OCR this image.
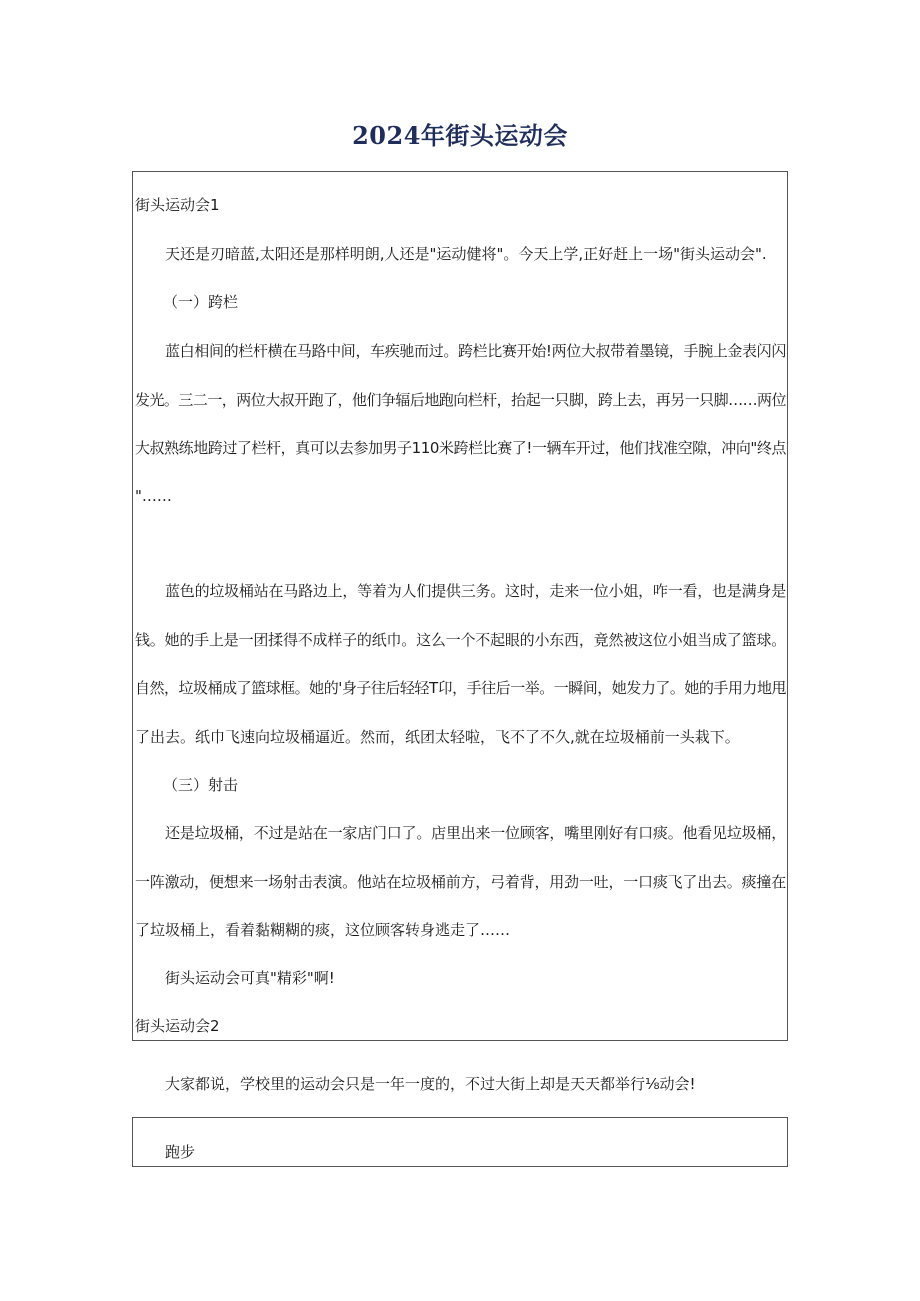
2024年街头运动会
街头运动会1
天还是刃暗蓝,太阳还是那样明朗,人还是"运动健将"。今天上学,正好赶上一场"街头运动会".
（一）跨栏
蓝白相间的栏杆横在马路中间，车疾驰而过。跨栏比赛开始!两位大叔带着墨镜，手腕上金表闪闪
发光。三二一，两位大叔开跑了，他们争辐后地跑向栏杆，抬起一只脚，跨上去，再另一只脚……两位
大叔熟练地跨过了栏杆，真可以去参加男子110米跨栏比赛了!一辆车开过，他们找准空隙，冲向"终点
"……
蓝色的垃圾桶站在马路边上，等着为人们提供三务。这时，走来一位小姐，咋一看，也是满身是
钱。她的手上是一团揉得不成样子的纸巾。这么一个不起眼的小东西，竟然被这位小姐当成了篮球。
自然，垃圾桶成了篮球框。她的'身子往后轻轻T卬，手往后一举。一瞬间，她发力了。她的手用力地甩
了出去。纸巾飞速向垃圾桶逼近。然而，纸团太轻啦，飞不了不久,就在垃圾桶前一头栽下。
（三）射击
还是垃圾桶，不过是站在一家店门口了。店里出来一位顾客，嘴里刚好有口痰。他看见垃圾桶，
一阵激动，便想来一场射击表演。他站在垃圾桶前方，弓着背，用劲一吐，一口痰飞了出去。痰撞在
了垃圾桶上，看着黏糊糊的痰，这位顾客转身逃走了……
街头运动会可真"精彩"啊!
街头运动会2
大家都说，学校里的运动会只是一年一度的，不过大街上却是天天都举行⅛动会!
跑步
